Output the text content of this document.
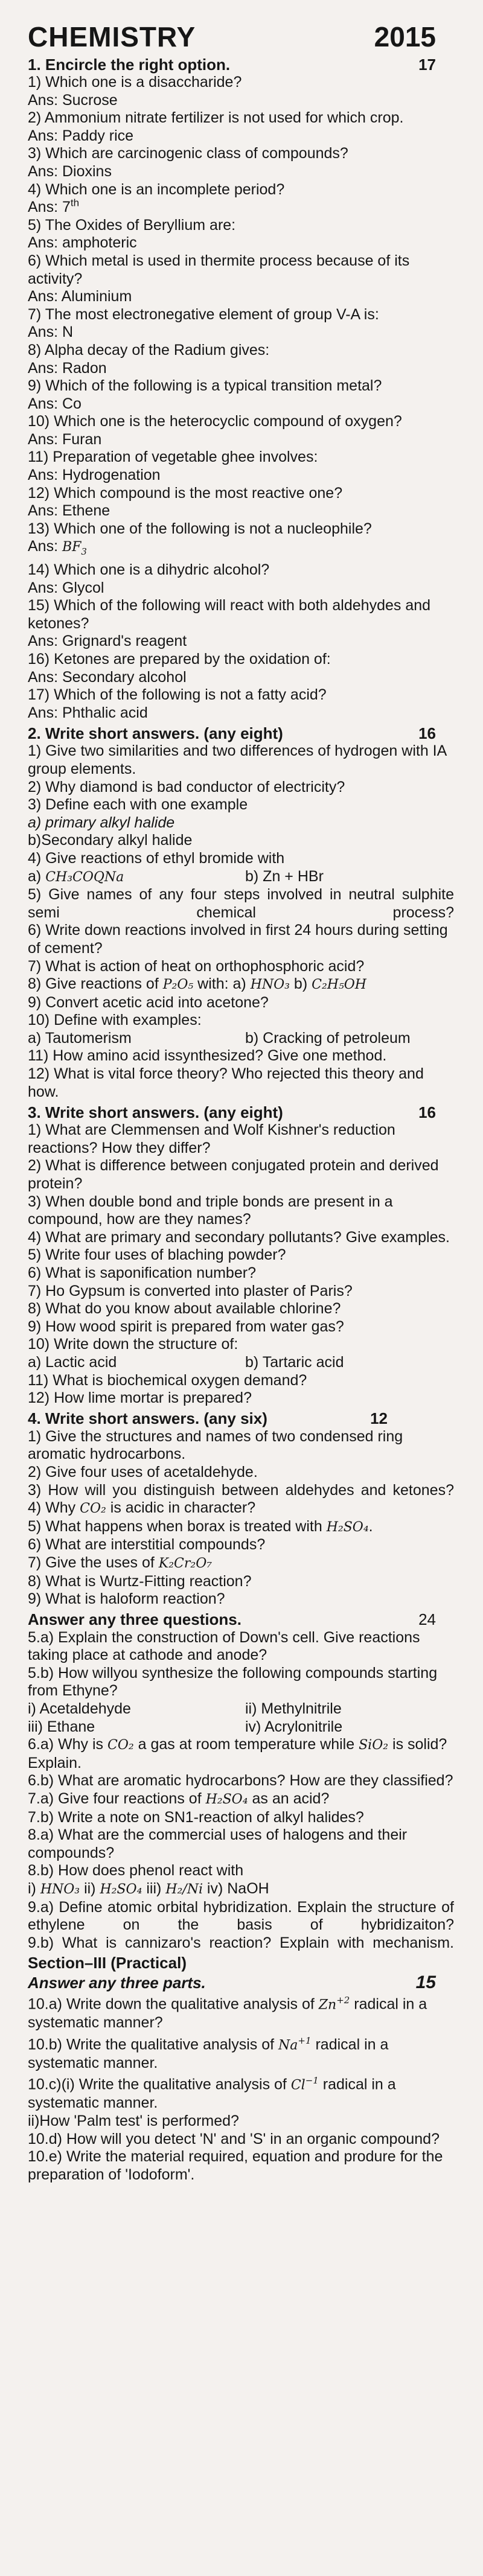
CHEMISTRY	2015
1. Encircle the right option.	17
1) Which one is a disaccharide?
Ans: Sucrose
2) Ammonium nitrate fertilizer is not used for which crop.
Ans: Paddy rice
3) Which are carcinogenic class of compounds?
Ans: Dioxins
4) Which one is an incomplete period?
Ans: 7th
5) The Oxides of Beryllium are:
Ans: amphoteric
6) Which metal is used in thermite process because of its activity?
Ans: Aluminium
7) The most electronegative element of group V-A is:
Ans: N
8) Alpha decay of the Radium gives:
Ans: Radon
9) Which of the following is a typical transition metal?
Ans: Co
10) Which one is the heterocyclic compound of oxygen?
Ans: Furan
11) Preparation of vegetable ghee involves:
Ans: Hydrogenation
12) Which compound is the most reactive one?
Ans: Ethene
13) Which one of the following is not a nucleophile?
Ans: $BF_3$
14) Which one is a dihydric alcohol?
Ans: Glycol
15) Which of the following will react with both aldehydes and ketones?
Ans: Grignard's reagent
16) Ketones are prepared by the oxidation of:
Ans: Secondary alcohol
17) Which of the following is not a fatty acid?
Ans: Phthalic acid
2. Write short answers. (any eight)	16
1) Give two similarities and two differences of hydrogen with IA group elements.
2) Why diamond is bad conductor of electricity?
3) Define each with one example
a) primary alkyl halide
b)Secondary alkyl halide
4) Give reactions of ethyl bromide with
a) CH₃COQNa	b) Zn + HBr
5) Give names of any four steps involved in neutral sulphite semi chemical process?
6) Write down reactions involved in first 24 hours during setting of cement?
7) What is action of heat on orthophosphoric acid?
8) Give reactions of P₂O₅ with: a) HNO₃ b) C₂H₅OH
9) Convert acetic acid into acetone?
10) Define with examples:
a) Tautomerism	b) Cracking of petroleum
11) How amino acid issynthesized? Give one method.
12) What is vital force theory? Who rejected this theory and how.
3. Write short answers. (any eight)	16
1) What are Clemmensen and Wolf Kishner's reduction reactions? How they differ?
2) What is difference between conjugated protein and derived protein?
3) When double bond and triple bonds are present in a compound, how are they names?
4) What are primary and secondary pollutants? Give examples.
5) Write four uses of blaching powder?
6) What is saponification number?
7) Ho Gypsum is converted into plaster of Paris?
8) What do you know about available chlorine?
9) How wood spirit is prepared from water gas?
10) Write down the structure of:
a) Lactic acid	b) Tartaric acid
11) What is biochemical oxygen demand?
12) How lime mortar is prepared?
4. Write short answers. (any six)	12
1) Give the structures and names of two condensed ring aromatic hydrocarbons.
2) Give four uses of acetaldehyde.
3) How will you distinguish between aldehydes and ketones?
4) Why CO₂ is acidic in character?
5) What happens when borax is treated with H₂SO₄.
6) What are interstitial compounds?
7) Give the uses of K₂Cr₂O₇
8) What is Wurtz-Fitting reaction?
9) What is haloform reaction?
Answer any three questions.	24
5.a) Explain the construction of Down's cell. Give reactions taking place at cathode and anode?
5.b) How willyou synthesize the following compounds starting from Ethyne?
i) Acetaldehyde	ii) Methylnitrile
iii) Ethane	iv) Acrylonitrile
6.a) Why is CO₂ a gas at room temperature while SiO₂ is solid? Explain.
6.b) What are aromatic hydrocarbons? How are they classified?
7.a) Give four reactions of H₂SO₄ as an acid?
7.b) Write a note on SN1-reaction of alkyl halides?
8.a) What are the commercial uses of halogens and their compounds?
8.b) How does phenol react with
i) HNO₃ ii) H₂SO₄ iii) H₂/Ni iv) NaOH
9.a) Define atomic orbital hybridization. Explain the structure of ethylene on the basis of hybridizaiton?
9.b) What is cannizaro's reaction? Explain with mechanism.
Section–III (Practical)
Answer any three parts.	15
10.a) Write down the qualitative analysis of $Zn^{+2}$ radical in a systematic manner?
10.b) Write the qualitative analysis of $Na^{+1}$ radical in a systematic manner.
10.c)(i) Write the qualitative analysis of $Cl^{-1}$ radical in a systematic manner.
ii)How 'Palm test' is performed?
10.d) How will you detect 'N' and 'S' in an organic compound?
10.e) Write the material required, equation and produre for the preparation of 'Iodoform'.
